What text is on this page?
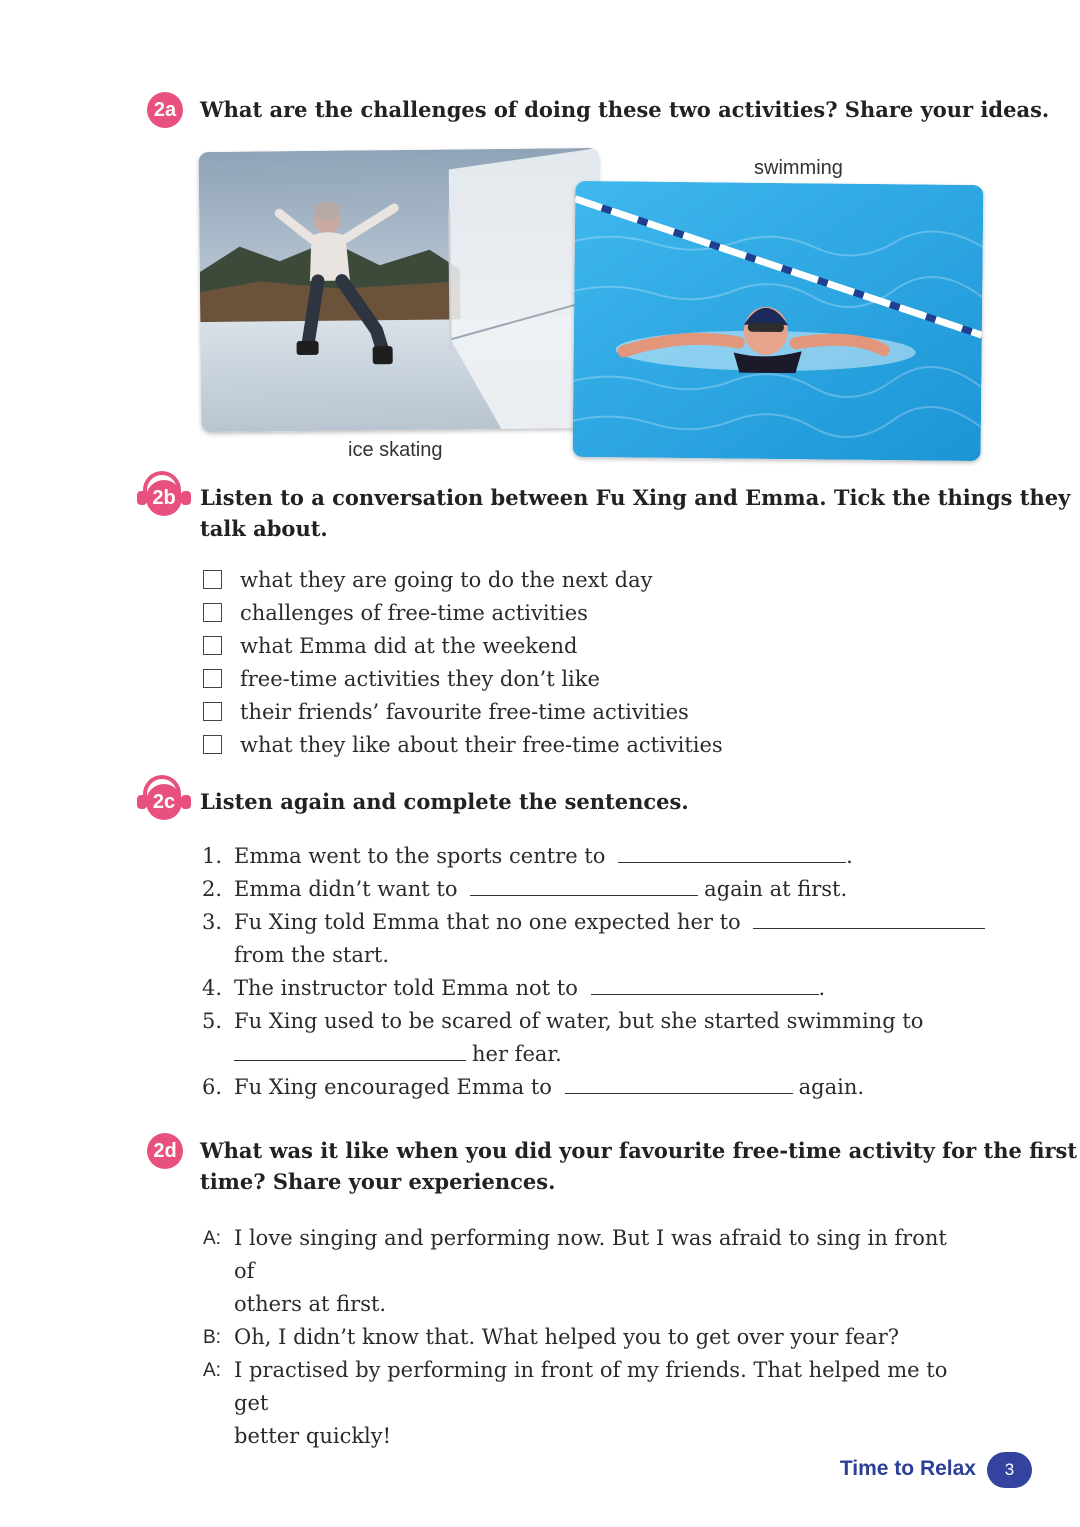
2a	What are the challenges of doing these two activities? Share your ideas.
ice skating
swimming
2b	Listen to a conversation between Fu Xing and Emma. Tick the things they
talk about.
what they are going to do the next day
challenges of free-time activities
what Emma did at the weekend
free-time activities they don’t like
their friends’ favourite free-time activities
what they like about their free-time activities
2c	Listen again and complete the sentences.
1. Emma went to the sports centre to	.
2. Emma didn’t want to	again at first.
3. Fu Xing told Emma that no one expected her to
from the start.
4. The instructor told Emma not to	.
5. Fu Xing used to be scared of water, but she started swimming to
her fear.
6. Fu Xing encouraged Emma to	again.
2d	What was it like when you did your favourite free-time activity for the first
time? Share your experiences.
A: I love singing and performing now. But I was afraid to sing in front of
others at first.
B: Oh, I didn’t know that. What helped you to get over your fear?
A: I practised by performing in front of my friends. That helped me to get
better quickly!
Time to Relax	3
